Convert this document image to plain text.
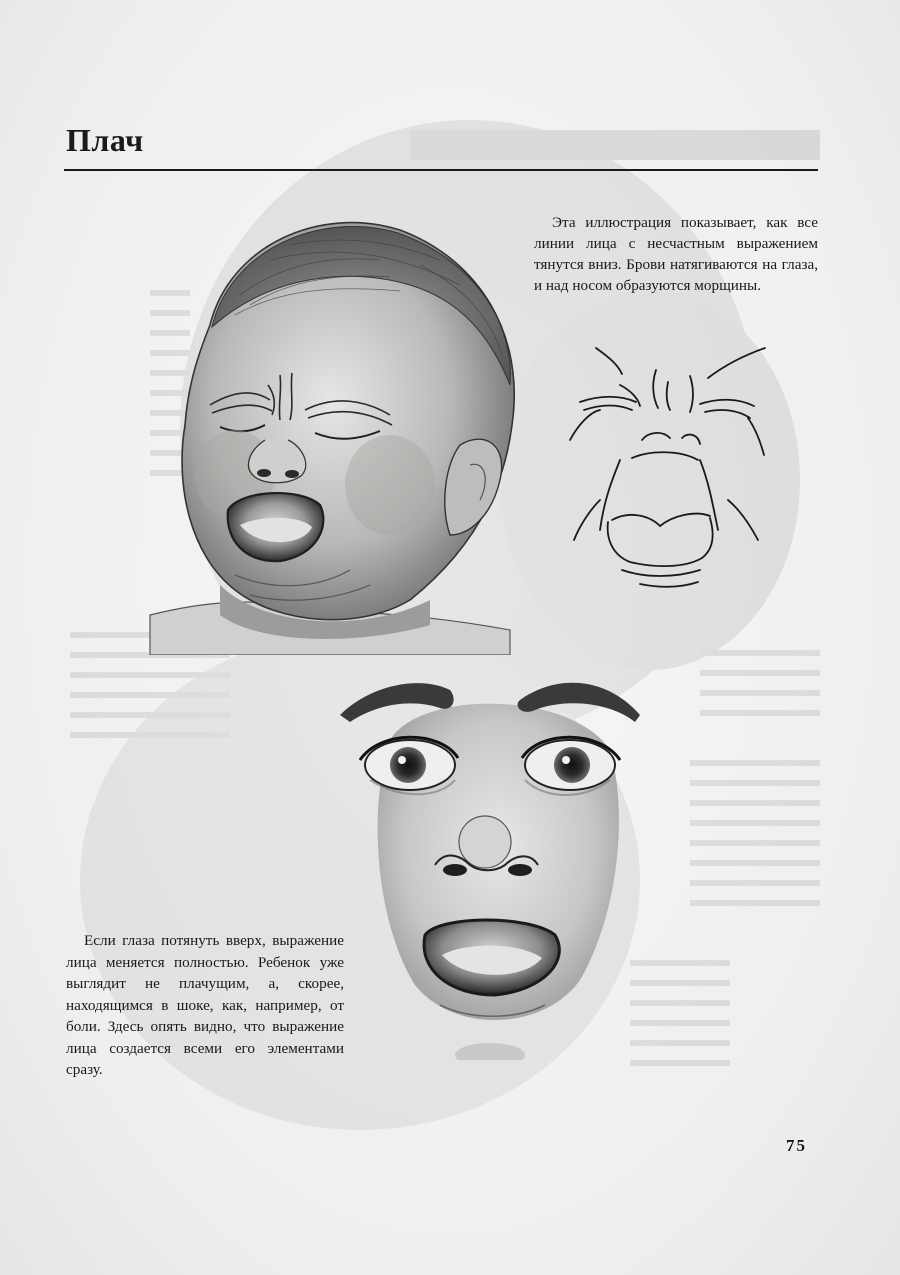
Плач
Эта иллюстрация показывает, как все линии лица с несчастным выражением тянутся вниз. Брови натягиваются на глаза, и над носом образуются морщины.
Если глаза потянуть вверх, выражение лица меняется полностью. Ребенок уже выглядит не плачущим, а, скорее, находящимся в шоке, как, например, от боли. Здесь опять видно, что выражение лица создается всеми его элементами сразу.
75
